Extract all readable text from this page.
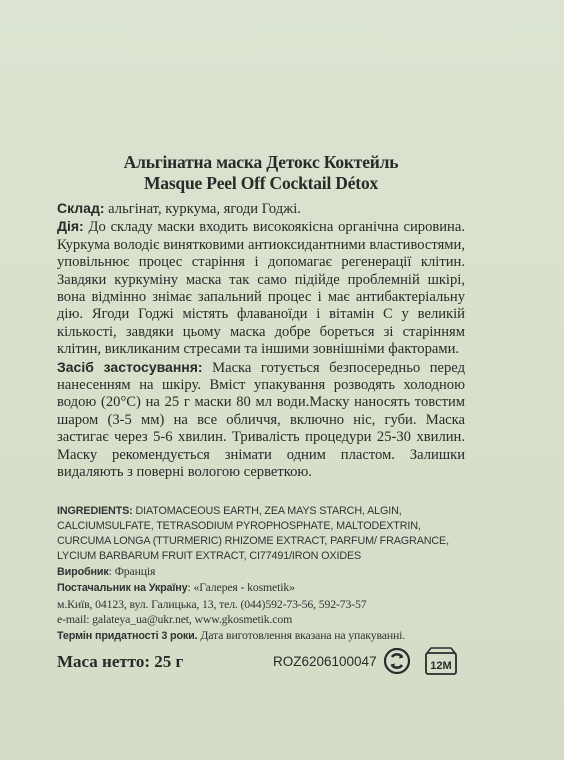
Альгінатна маска Детокс Коктейль
Masque Peel Off Cocktail Détox

Склад: альгінат, куркума, ягоди Годжі.

Дія: До складу маски входить високоякісна органічна сировина. Куркума володіє винятковими антиоксидантними властивостями, уповільнює процес старіння і допомагає регенерації клітин. Завдяки куркуміну маска так само підійде проблемній шкірі, вона відмінно знімає запальний процес і має антибактеріальну дію. Ягоди Годжі містять флаваноїди і вітамін С у великій кількості, завдяки цьому маска добре бореться зі старінням клітин, викликаним стресами та іншими зовнішніми факторами.

Засіб застосування: Маска готується безпосередньо перед нанесенням на шкіру. Вміст упакування розводять холодною водою (20°С) на 25 г маски 80 мл води.Маску наносять товстим шаром (3-5 мм) на все обличчя, включно ніс, губи. Маска застигає через 5-6 хвилин. Тривалість процедури 25-30 хвилин. Маску рекомендується знімати одним пластом. Залишки видаляють з поверні вологою серветкою.

INGREDIENTS: DIATOMACEOUS EARTH, ZEA MAYS STARCH, ALGIN, CALCIUMSULFATE, TETRASODIUM PYROPHOSPHATE, MALTODEXTRIN, CURCUMA LONGA (TTURMERIC) RHIZOME EXTRACT, PARFUM/ FRAGRANCE, LYCIUM BARBARUM FRUIT EXTRACT, CI77491/IRON OXIDES
Виробник: Франція
Постачальник на Україну: «Галерея - kosmetik»
м.Київ, 04123, вул. Галицька, 13, тел. (044)592-73-56, 592-73-57
e-mail: galateya_ua@ukr.net, www.gkosmetik.com
Термін придатності 3 роки. Дата виготовлення вказана на упакуванні.
Маса нетто: 25 г	ROZ6206100047	12M
